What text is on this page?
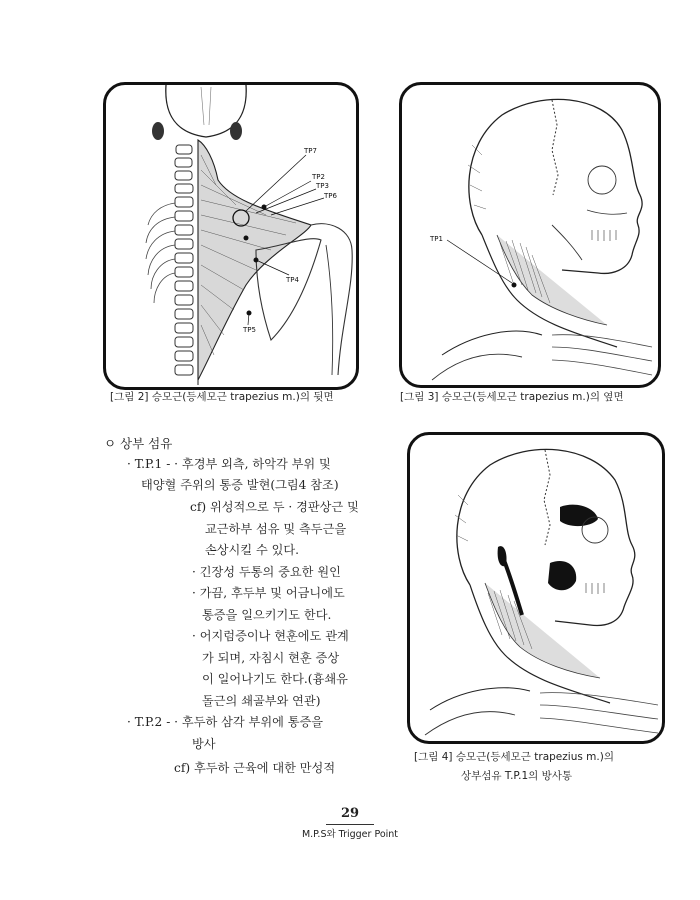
TP7
TP2
TP3
TP6
TP4
TP5
[그림 2] 승모근(등세모근 trapezius m.)의 뒷면
TP1
[그림 3] 승모근(등세모근 trapezius m.)의 옆면
[그림 4] 승모근(등세모근 trapezius m.)의
상부섬유 T.P.1의 방사통
ㅇ 상부 섬유
· T.P.1 - · 후경부 외측, 하악각 부위 및
태양혈 주위의 통증 발현(그림4 참조)
cf) 위성적으로 두 · 경판상근 및
교근하부 섬유 및 측두근을
손상시킬 수 있다.
· 긴장성 두통의 중요한 원인
· 가끔, 후두부 및 어금니에도
통증을 일으키기도 한다.
· 어지럼증이나 현훈에도 관계
가 되며, 자침시 현훈 증상
이 일어나기도 한다.(흉쇄유
돌근의 쇄골부와 연관)
· T.P.2 - · 후두하 삼각 부위에 통증을
방사
cf) 후두하 근육에 대한 만성적
29
M.P.S와 Trigger Point
